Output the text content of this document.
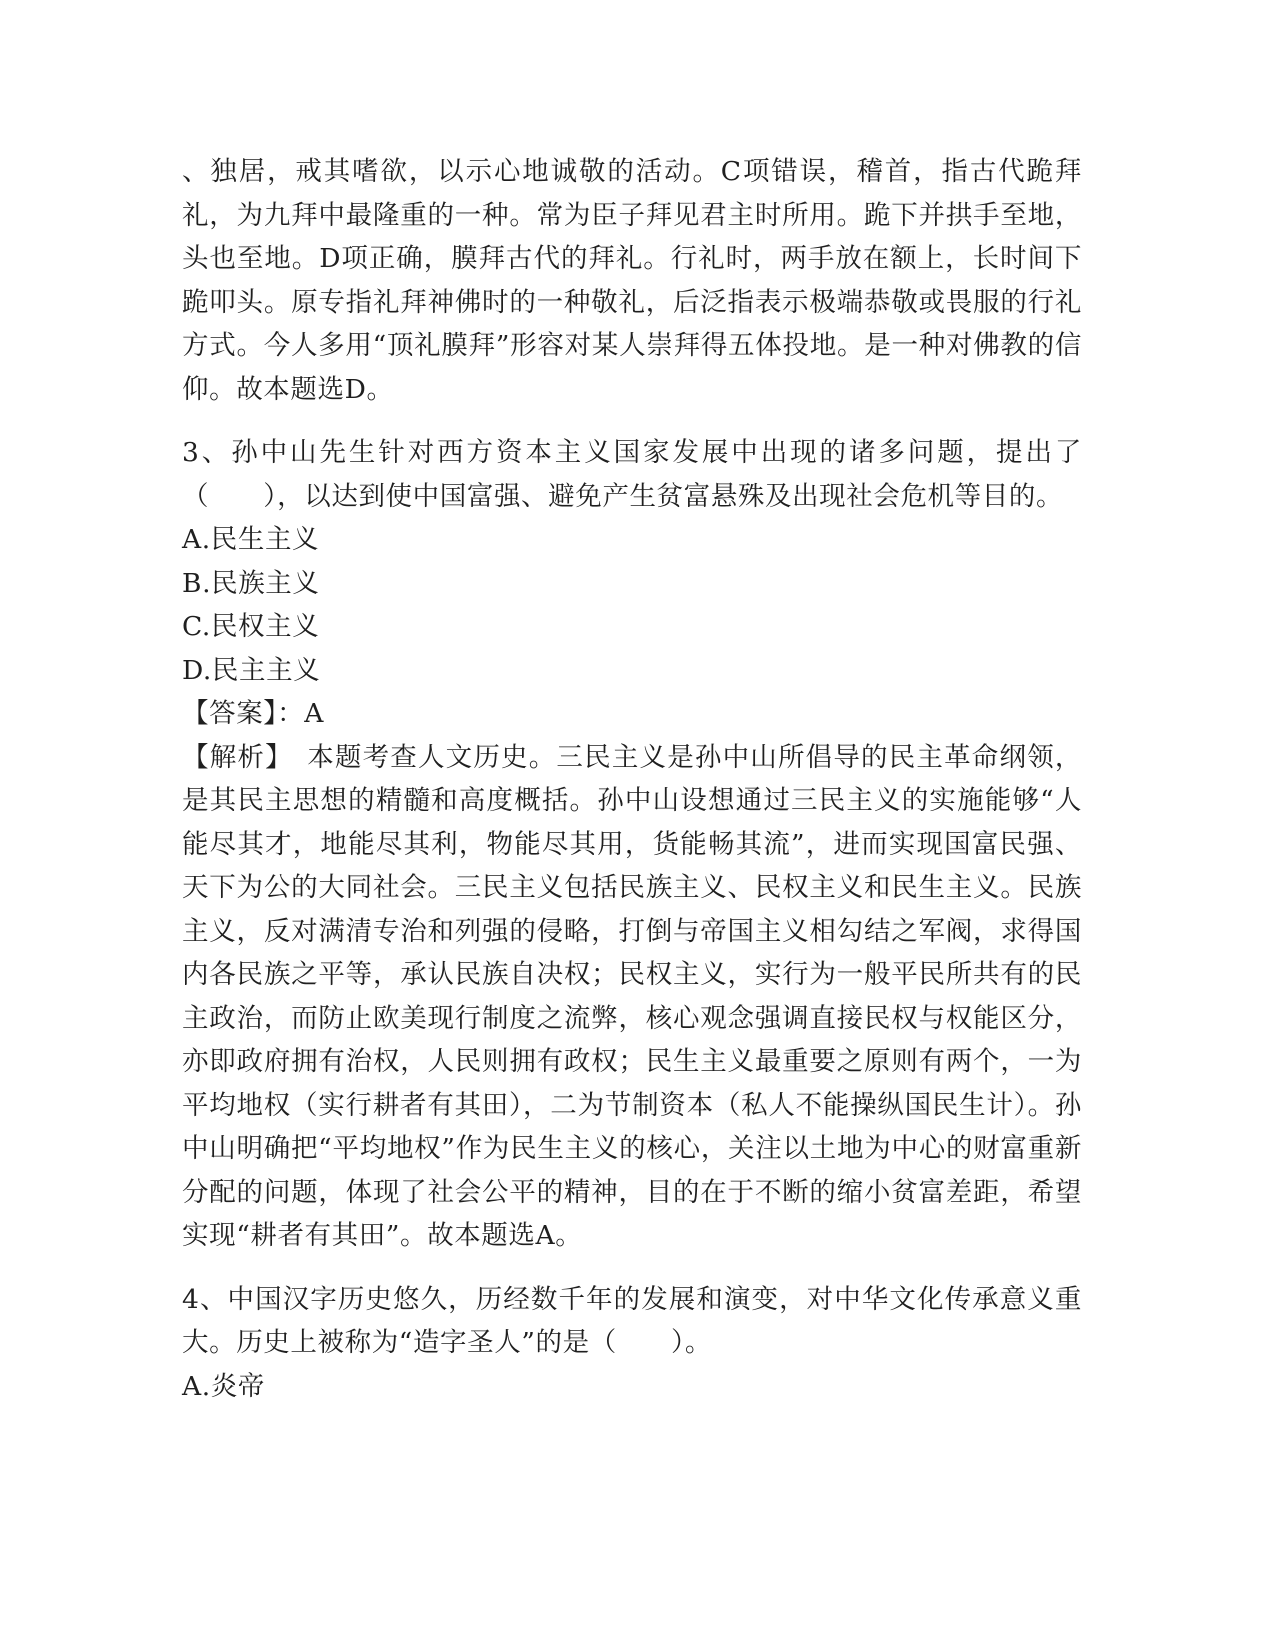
、独居，戒其嗜欲，以示心地诚敬的活动。C项错误，稽首，指古代跪拜礼，为九拜中最隆重的一种。常为臣子拜见君主时所用。跪下并拱手至地，头也至地。D项正确，膜拜古代的拜礼。行礼时，两手放在额上，长时间下跪叩头。原专指礼拜神佛时的一种敬礼，后泛指表示极端恭敬或畏服的行礼方式。今人多用“顶礼膜拜”形容对某人崇拜得五体投地。是一种对佛教的信仰。故本题选D。

3、孙中山先生针对西方资本主义国家发展中出现的诸多问题，提出了（　　），以达到使中国富强、避免产生贫富悬殊及出现社会危机等目的。

A.民生主义

B.民族主义

C.民权主义

D.民主主义

【答案】：A

【解析】　本题考查人文历史。三民主义是孙中山所倡导的民主革命纲领，是其民主思想的精髓和高度概括。孙中山设想通过三民主义的实施能够“人能尽其才，地能尽其利，物能尽其用，货能畅其流”，进而实现国富民强、天下为公的大同社会。三民主义包括民族主义、民权主义和民生主义。民族主义，反对满清专治和列强的侵略，打倒与帝国主义相勾结之军阀，求得国内各民族之平等，承认民族自决权；民权主义，实行为一般平民所共有的民主政治，而防止欧美现行制度之流弊，核心观念强调直接民权与权能区分，亦即政府拥有治权，人民则拥有政权；民生主义最重要之原则有两个，一为平均地权（实行耕者有其田），二为节制资本（私人不能操纵国民生计）。孙中山明确把“平均地权”作为民生主义的核心，关注以土地为中心的财富重新分配的问题，体现了社会公平的精神，目的在于不断的缩小贫富差距，希望实现“耕者有其田”。故本题选A。

4、中国汉字历史悠久，历经数千年的发展和演变，对中华文化传承意义重大。历史上被称为“造字圣人”的是（　　）。

A.炎帝
